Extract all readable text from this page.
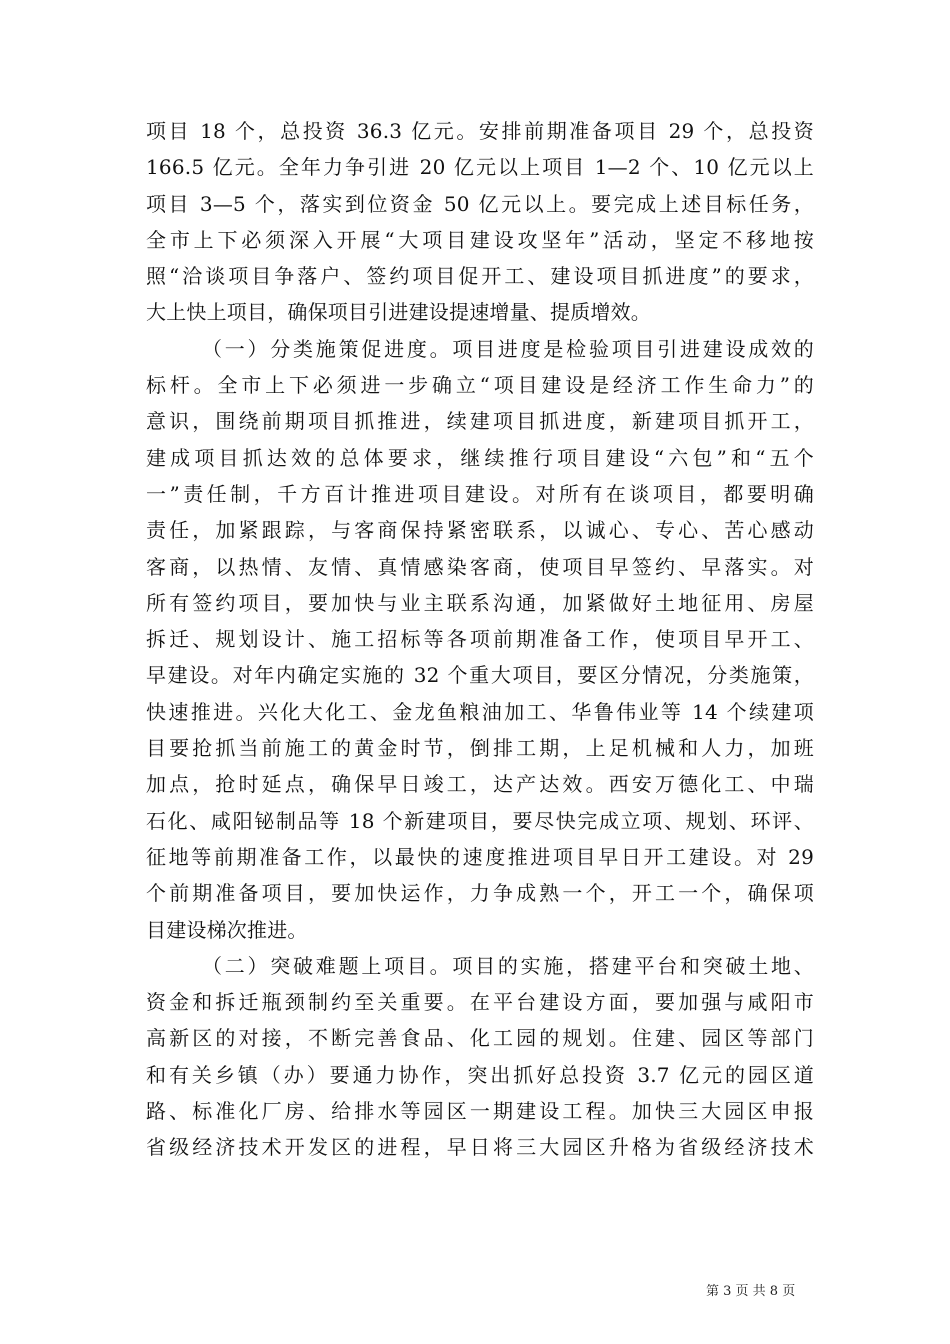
项目 18 个，总投资 36.3 亿元。安排前期准备项目 29 个，总投资
166.5 亿元。全年力争引进 20 亿元以上项目 1—2 个、10 亿元以上
项目 3—5 个，落实到位资金 50 亿元以上。要完成上述目标任务，
全市上下必须深入开展“大项目建设攻坚年”活动，坚定不移地按
照“洽谈项目争落户、签约项目促开工、建设项目抓进度”的要求，
大上快上项目，确保项目引进建设提速增量、提质增效。
（一）分类施策促进度。项目进度是检验项目引进建设成效的
标杆。全市上下必须进一步确立“项目建设是经济工作生命力”的
意识，围绕前期项目抓推进，续建项目抓进度，新建项目抓开工，
建成项目抓达效的总体要求，继续推行项目建设“六包”和“五个
一”责任制，千方百计推进项目建设。对所有在谈项目，都要明确
责任，加紧跟踪，与客商保持紧密联系，以诚心、专心、苦心感动
客商，以热情、友情、真情感染客商，使项目早签约、早落实。对
所有签约项目，要加快与业主联系沟通，加紧做好土地征用、房屋
拆迁、规划设计、施工招标等各项前期准备工作，使项目早开工、
早建设。对年内确定实施的 32 个重大项目，要区分情况，分类施策，
快速推进。兴化大化工、金龙鱼粮油加工、华鲁伟业等 14 个续建项
目要抢抓当前施工的黄金时节，倒排工期，上足机械和人力，加班
加点，抢时延点，确保早日竣工，达产达效。西安万德化工、中瑞
石化、咸阳铋制品等 18 个新建项目，要尽快完成立项、规划、环评、
征地等前期准备工作，以最快的速度推进项目早日开工建设。对 29
个前期准备项目，要加快运作，力争成熟一个，开工一个，确保项
目建设梯次推进。
（二）突破难题上项目。项目的实施，搭建平台和突破土地、
资金和拆迁瓶颈制约至关重要。在平台建设方面，要加强与咸阳市
高新区的对接，不断完善食品、化工园的规划。住建、园区等部门
和有关乡镇（办）要通力协作，突出抓好总投资 3.7 亿元的园区道
路、标准化厂房、给排水等园区一期建设工程。加快三大园区申报
省级经济技术开发区的进程，早日将三大园区升格为省级经济技术
第 3 页 共 8 页
